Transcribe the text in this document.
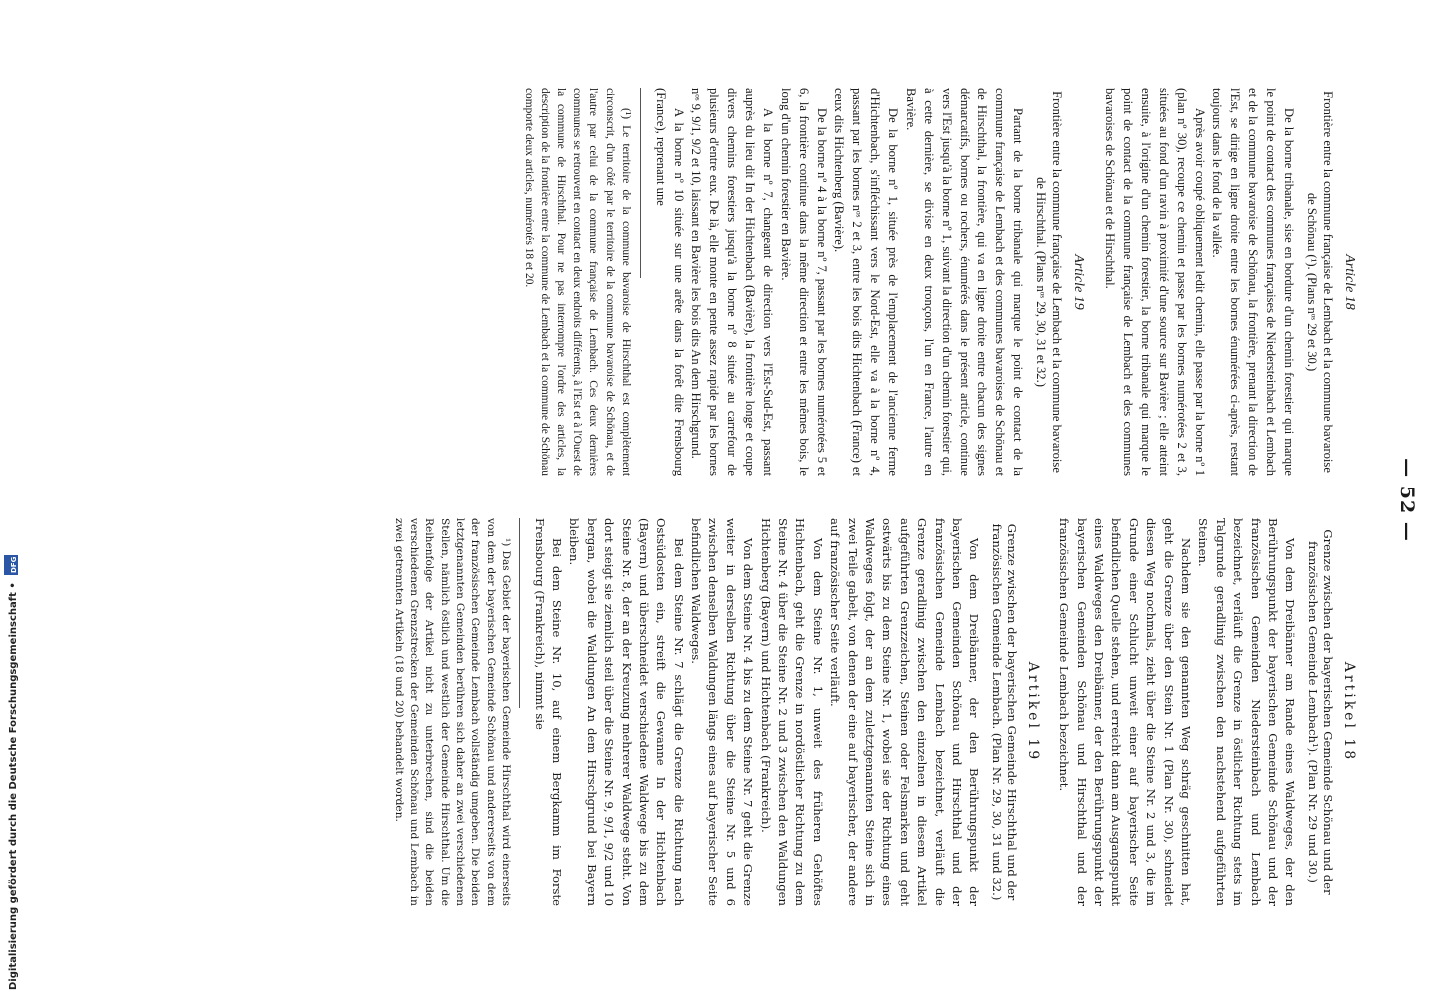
— 52 —
Article 18
Frontière entre la commune française de Lembach et la commune bavaroise de Schönau (¹). (Plans nᵒˢ 29 et 30.)

De la borne tribanale, sise en bordure d'un chemin forestier qui marque le point de contact des communes françaises de Niedersteinbach et Lembach et de la commune bavaroise de Schönau, la frontière, prenant la direction de l'Est, se dirige en ligne droite entre les bornes énumérées ci-après, restant toujours dans le fond de la vallée.

Après avoir coupé obliquement ledit chemin, elle passe par la borne nº 1 (plan nº 30), recoupe ce chemin et passe par les bornes numérotées 2 et 3, situées au fond d'un ravin à proximité d'une source sur Bavière ; elle atteint ensuite, à l'origine d'un chemin forestier, la borne tribanale qui marque le point de contact de la commune française de Lembach et des communes bavaroises de Schönau et de Hirschthal.

Article 19
Frontière entre la commune française de Lembach et la commune bavaroise de Hirschthal. (Plans nᵒˢ 29, 30, 31 et 32.)

Partant de la borne tribanale qui marque le point de contact de la commune française de Lembach et des communes bavaroises de Schönau et de Hirschthal, la frontière, qui va en ligne droite entre chacun des signes démarcatifs, bornes ou rochers, énumérés dans le présent article, continue vers l'Est jusqu'à la borne nº 1, suivant la direction d'un chemin forestier qui, à cette dernière, se divise en deux tronçons, l'un en France, l'autre en Bavière.

De la borne nº 1, située près de l'emplacement de l'ancienne ferme d'Hichtenbach, s'infléchissant vers le Nord-Est, elle va à la borne nº 4, passant par les bornes nᵒˢ 2 et 3, entre les bois dits Hichtenbach (France) et ceux dits Hichtenberg (Bavière).

De la borne nº 4 à la borne nº 7, passant par les bornes numérotées 5 et 6, la frontière continue dans la même direction et entre les mêmes bois, le long d'un chemin forestier en Bavière.

A la borne nº 7, changeant de direction vers l'Est-Sud-Est, passant auprès du lieu dit In der Hichtenbach (Bavière), la frontière longe et coupe divers chemins forestiers jusqu'à la borne nº 8 située au carrefour de plusieurs d'entre eux. De là, elle monte en pente assez rapide par les bornes nᵒˢ 9, 9/1, 9/2 et 10, laissant en Bavière les bois dits An dem Hirschgrund.

A la borne nº 10 située sur une arête dans la forêt dite Frensbourg (France), reprenant une

(¹) Le territoire de la commune bavaroise de Hirschthal est complètement circonscrit, d'un côté par le territoire de la commune bavaroise de Schönau, et de l'autre par celui de la commune française de Lembach. Ces deux dernières communes se retrouvent en contact en deux endroits différents, à l'Est et à l'Ouest de la commune de Hirschthal. Pour ne pas interrompre l'ordre des articles, la description de la frontière entre la commune de Lembach et la commune de Schönau comporte deux articles, numérotés 18 et 20.

Artikel 18
Grenze zwischen der bayerischen Gemeinde Schönau und der französischen Gemeinde Lembach¹). (Plan Nr. 29 und 30.)

Von dem Dreibänner am Rande eines Waldweges, der den Berührungspunkt der bayerischen Gemeinde Schönau und der französischen Gemeinden Niedersteinbach und Lembach bezeichnet, verläuft die Grenze in östlicher Richtung stets im Talgrunde geradlinig zwischen den nachstehend aufgeführten Steinen.

Nachdem sie den genannten Weg schräg geschnitten hat, geht die Grenze über den Stein Nr. 1 (Plan Nr. 30), schneidet diesen Weg nochmals, zieht über die Steine Nr. 2 und 3, die im Grunde einer Schlucht unweit einer auf bayerischer Seite befindlichen Quelle stehen, und erreicht dann am Ausgangspunkt eines Waldweges den Dreibänner, der den Berührungspunkt der bayerischen Gemeinden Schönau und Hirschthal und der französischen Gemeinde Lembach bezeichnet.

Artikel 19
Grenze zwischen der bayerischen Gemeinde Hirschthal und der französischen Gemeinde Lembach. (Plan Nr. 29, 30, 31 und 32.)

Von dem Dreibänner, der den Berührungspunkt der bayerischen Gemeinden Schönau und Hirschthal und der französischen Gemeinde Lembach bezeichnet, verläuft die Grenze geradlinig zwischen den einzelnen in diesem Artikel aufgeführten Grenzzeichen, Steinen oder Felsmarken und geht ostwärts bis zu dem Steine Nr. 1, wobei sie der Richtung eines Waldweges folgt, der an dem zuletztgenannten Steine sich in zwei Teile gabelt, von denen der eine auf bayerischer, der andere auf französischer Seite verläuft.

Von dem Steine Nr. 1, unweit des früheren Gehöftes Hichtenbach, geht die Grenze in nordöstlicher Richtung zu dem Steine Nr. 4 über die Steine Nr. 2 und 3 zwischen den Waldungen Hichtenberg (Bayern) und Hichtenbach (Frankreich).

Von dem Steine Nr. 4 bis zu dem Steine Nr. 7 geht die Grenze weiter in derselben Richtung über die Steine Nr. 5 und 6 zwischen denselben Waldungen längs eines auf bayerischer Seite befindlichen Waldweges.

Bei dem Steine Nr. 7 schlägt die Grenze die Richtung nach Ostsüdosten ein, streift die Gewanne In der Hichtenbach (Bayern) und überschneidet verschiedene Waldwege bis zu dem Steine Nr. 8, der an der Kreuzung mehrerer Waldwege steht. Von dort steigt sie ziemlich steil über die Steine Nr. 9, 9/1, 9/2 und 10 bergan, wobei die Waldungen An dem Hirschgrund bei Bayern bleiben.

Bei dem Steine Nr. 10, auf einem Bergkamm im Forste Frensbourg (Frankreich), nimmt sie

¹) Das Gebiet der bayerischen Gemeinde Hirschthal wird einerseits von dem der bayerischen Gemeinde Schönau und andererseits von dem der französischen Gemeinde Lembach vollständig umgeben. Die beiden letztgenannten Gemeinden berühren sich daher an zwei verschiedenen Stellen, nämlich östlich und westlich der Gemeinde Hirschthal. Um die Reihenfolge der Artikel nicht zu unterbrechen, sind die beiden verschiedenen Grenzstrecken der Gemeinden Schönau und Lembach in zwei getrennten Artikeln (18 und 20) behandelt worden.

Digitalisierung gefördert durch die Deutsche Forschungsgemeinschaft • DFG
